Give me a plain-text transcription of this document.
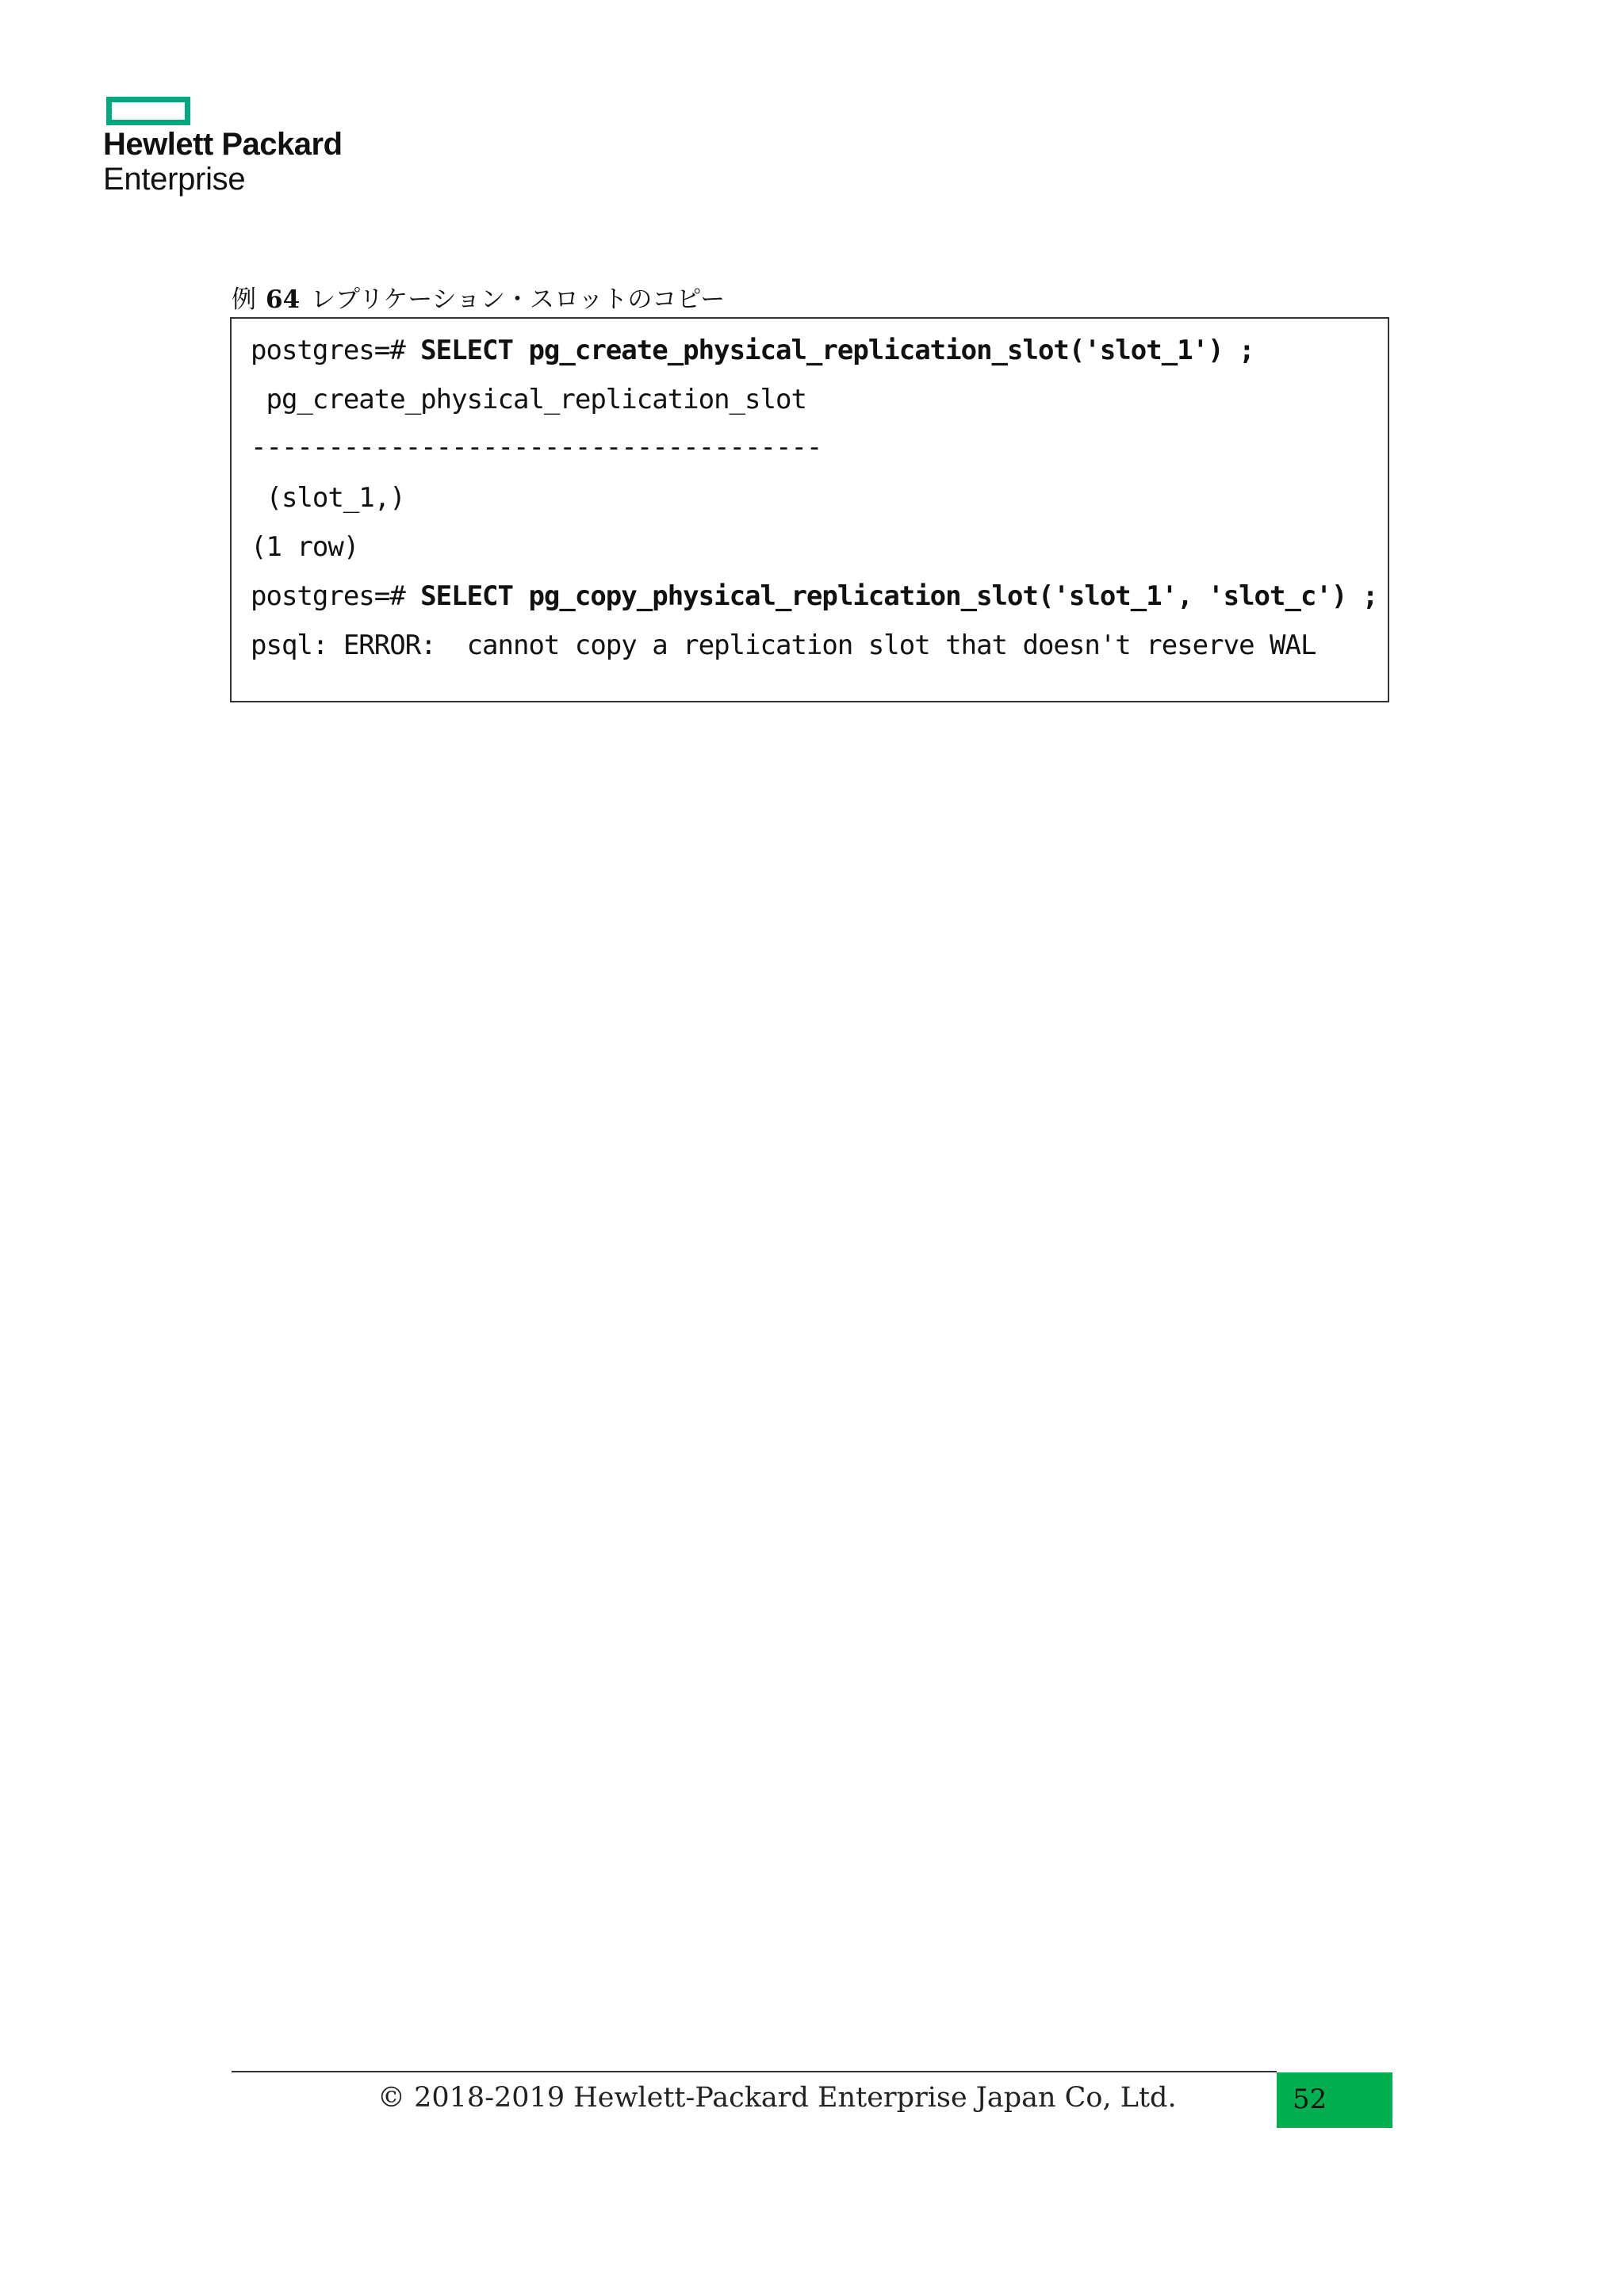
Hewlett Packard
Enterprise
例 64 レプリケーション・スロットのコピー
postgres=# SELECT pg_create_physical_replication_slot('slot_1') ;
pg_create_physical_replication_slot
-------------------------------------
(slot_1,)
(1 row)
postgres=# SELECT pg_copy_physical_replication_slot('slot_1', 'slot_c') ;
psql: ERROR:  cannot copy a replication slot that doesn't reserve WAL
© 2018-2019 Hewlett-Packard Enterprise Japan Co, Ltd.	52
